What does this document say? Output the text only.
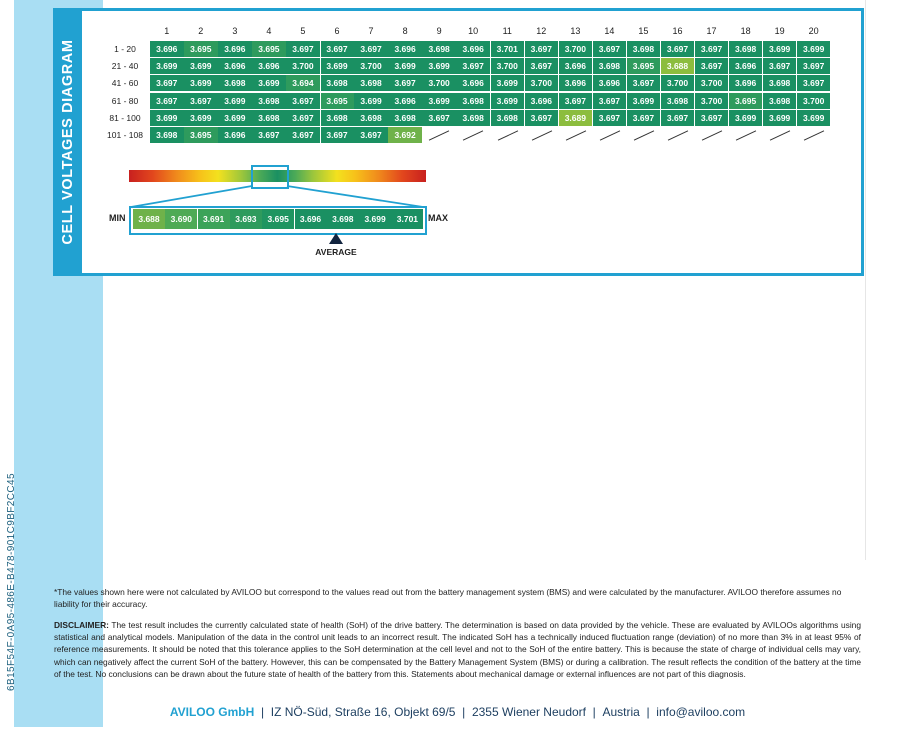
6B15F54F-0A95-486E-B478-901C9BF2CC45
CELL VOLTAGES DIAGRAM
1	2	3	4	5	6	7	8	9	10	11	12	13	14	15	16	17	18	19	20
1 - 20	3.696	3.695	3.696	3.695	3.697	3.697	3.697	3.696	3.698	3.696	3.701	3.697	3.700	3.697	3.698	3.697	3.697	3.698	3.699	3.699
21 - 40	3.699	3.699	3.696	3.696	3.700	3.699	3.700	3.699	3.699	3.697	3.700	3.697	3.696	3.698	3.695	3.688	3.697	3.696	3.697	3.697
41 - 60	3.697	3.699	3.698	3.699	3.694	3.698	3.698	3.697	3.700	3.696	3.699	3.700	3.696	3.696	3.697	3.700	3.700	3.696	3.698	3.697
61 - 80	3.697	3.697	3.699	3.698	3.697	3.695	3.699	3.696	3.699	3.698	3.699	3.696	3.697	3.697	3.699	3.698	3.700	3.695	3.698	3.700
81 - 100	3.699	3.699	3.699	3.698	3.697	3.698	3.698	3.698	3.697	3.698	3.698	3.697	3.689	3.697	3.697	3.697	3.697	3.699	3.699	3.699
101 - 108	3.698	3.695	3.696	3.697	3.697	3.697	3.697	3.692
MIN	MAX
3.688	3.690	3.691	3.693	3.695	3.696	3.698	3.699	3.701
AVERAGE
*The values shown here were not calculated by AVILOO but correspond to the values read out from the battery management system (BMS) and were calculated by the manufacturer. AVILOO therefore assumes no liability for their accuracy.
DISCLAIMER: The test result includes the currently calculated state of health (SoH) of the drive battery. The determination is based on data provided by the vehicle. These are evaluated by AVILOOs algorithms using statistical and analytical models. Manipulation of the data in the control unit leads to an incorrect result. The indicated SoH has a technically induced fluctuation range (deviation) of no more than 3% in at least 95% of reference measurements. It should be noted that this tolerance applies to the SoH determination at the cell level and not to the SoH of the entire battery. This is because the state of charge of individual cells may vary, which can negatively affect the current SoH of the battery. However, this can be compensated by the Battery Management System (BMS) or during a calibration. The result reflects the condition of the battery at the time of the test. No conclusions can be drawn about the future state of health of the battery from this. Statements about mechanical damage or external influences are not part of this diagnosis.
AVILOO GmbH  |  IZ NÖ-Süd, Straße 16, Objekt 69/5  |  2355 Wiener Neudorf  |  Austria  |  info@aviloo.com
